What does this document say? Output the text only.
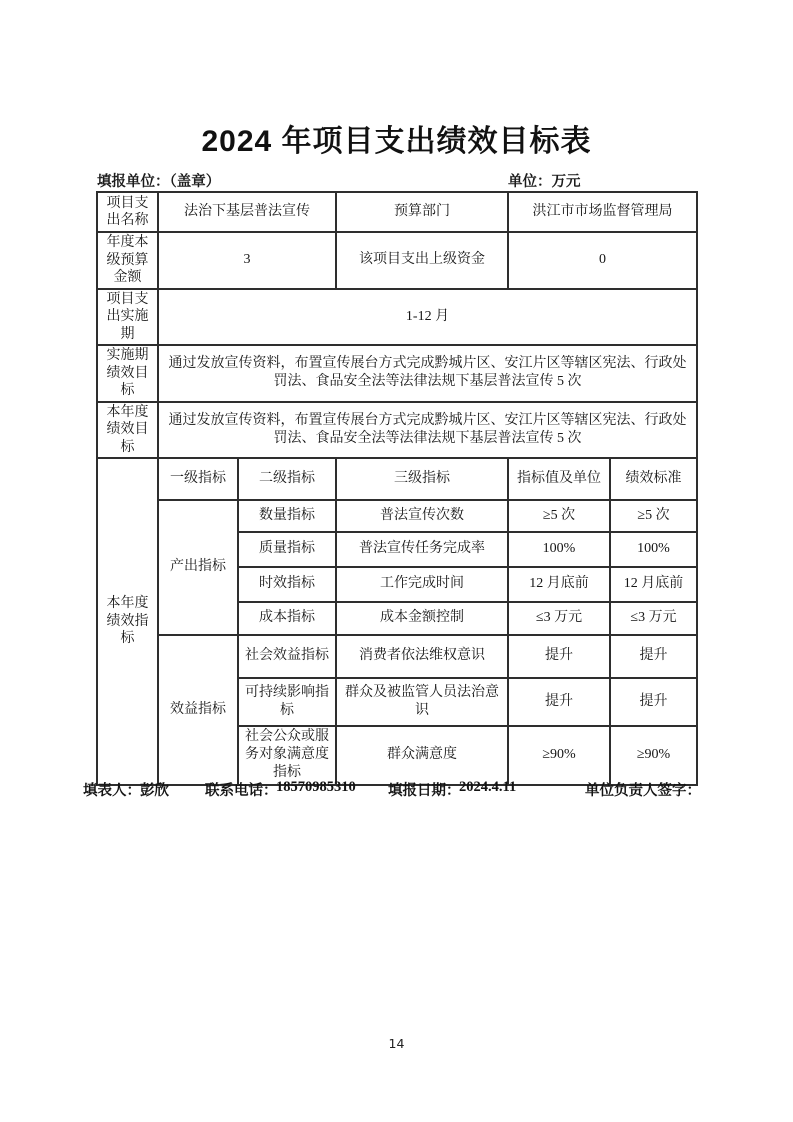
2024 年项目支出绩效目标表
填报单位：（盖章）	单位：万元
项目支出名称	法治下基层普法宣传		预算部门	洪江市市场监督管理局	

年度本级预算金额	3		该项目支出上级资金	0	

项目支出实施期	1-12 月				

实施期绩效目标	通过发放宣传资料，布置宣传展台方式完成黔城片区、安江片区等辖区宪法、行政处罚法、食品安全法等法律法规下基层普法宣传 5 次				

本年度绩效目标	通过发放宣传资料，布置宣传展台方式完成黔城片区、安江片区等辖区宪法、行政处罚法、食品安全法等法律法规下基层普法宣传 5 次				

本年度绩效指标	一级指标	二级指标	三级指标	指标值及单位	绩效标准
	产出指标	数量指标	普法宣传次数	≥5 次	≥5 次
		质量指标	普法宣传任务完成率	100%	100%
		时效指标	工作完成时间	12 月底前	12 月底前
		成本指标	成本金额控制	≤3 万元	≤3 万元
	效益指标	社会效益指标	消费者依法维权意识	提升	提升
		可持续影响指标	群众及被监管人员法治意识	提升	提升
		社会公众或服务对象满意度指标	群众满意度	≥90%	≥90%
填表人： 彭欣 联系电话：
18570985310 填报日期：
2024.4.11	单位负责人签字：
14
